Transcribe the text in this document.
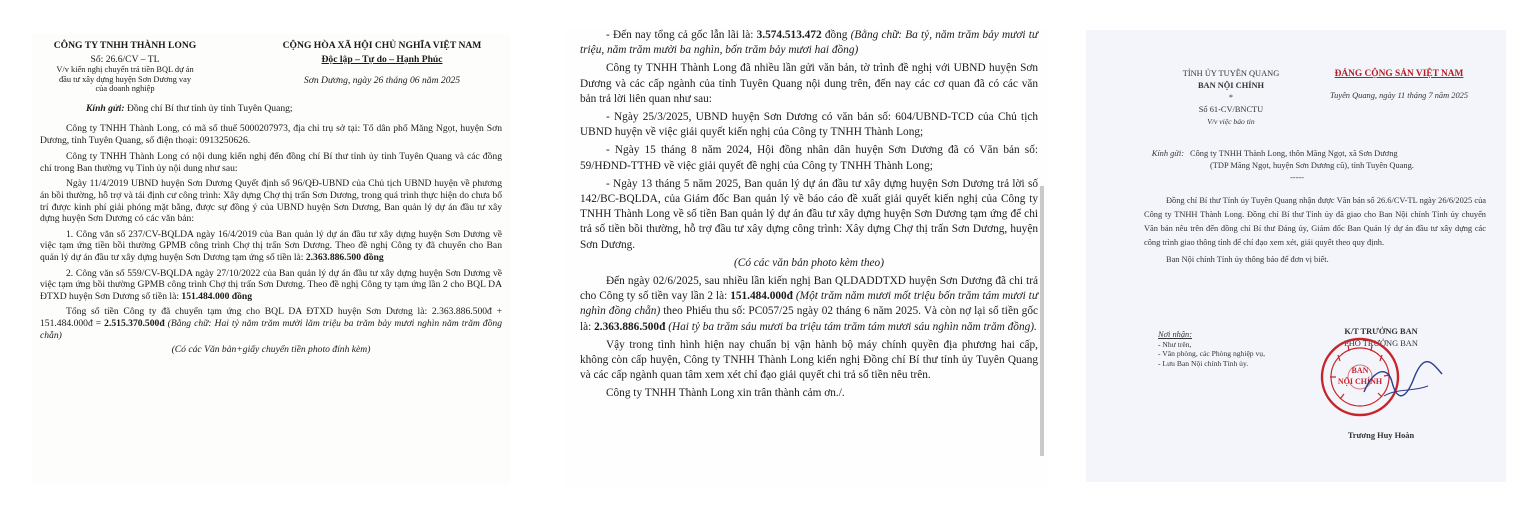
CÔNG TY TNHH THÀNH LONG
Số: 26.6/CV – TL
V/v kiến nghị chuyển trả tiền BQL dự án
đầu tư xây dựng huyện Sơn Dương vay
của doanh nghiệp
CỘNG HÒA XÃ HỘI CHỦ NGHĨA VIỆT NAM
Độc lập – Tự do – Hạnh Phúc
Sơn Dương, ngày 26 tháng 06 năm 2025
Kính gửi: Đồng chí Bí thư tỉnh ủy tỉnh Tuyên Quang;

Công ty TNHH Thành Long, có mã số thuế 5000207973, địa chỉ trụ sở tại: Tổ dân phố Măng Ngọt, huyện Sơn Dương, tỉnh Tuyên Quang, số điện thoại: 0913250626.

Công ty TNHH Thành Long có nội dung kiến nghị đến đồng chí Bí thư tỉnh ủy tỉnh Tuyên Quang và các đồng chí trong Ban thường vụ Tỉnh ủy nội dung như sau:

Ngày 11/4/2019 UBND huyện Sơn Dương Quyết định số 96/QĐ-UBND của Chủ tịch UBND huyện về phương án bồi thường, hỗ trợ và tái định cư công trình: Xây dựng Chợ thị trấn Sơn Dương, trong quá trình thực hiện do chưa bố trí được kinh phí giải phóng mặt bằng, được sự đồng ý của UBND huyện Sơn Dương, Ban quản lý dự án đầu tư xây dựng huyện Sơn Dương có các văn bản:

1. Công văn số 237/CV-BQLDA ngày 16/4/2019 của Ban quản lý dự án đầu tư xây dựng huyện Sơn Dương về việc tạm ứng tiền bồi thường GPMB công trình Chợ thị trấn Sơn Dương. Theo đề nghị Công ty đã chuyển cho Ban quản lý dự án đầu tư xây dựng huyện Sơn Dương tạm ứng số tiền là: 2.363.886.500 đồng

2. Công văn số 559/CV-BQLDA ngày 27/10/2022 của Ban quản lý dự án đầu tư xây dựng huyện Sơn Dương về việc tạm ứng bồi thường GPMB công trình Chợ thị trấn Sơn Dương. Theo đề nghị Công ty tạm ứng lần 2 cho BQL DA ĐTXD huyện Sơn Dương số tiền là: 151.484.000 đồng

Tổng số tiền Công ty đã chuyển tạm ứng cho BQL DA ĐTXD huyện Sơn Dương là: 2.363.886.500đ + 151.484.000đ = 2.515.370.500đ (Bằng chữ: Hai tỷ năm trăm mười lăm triệu ba trăm bảy mươi nghìn năm trăm đồng chẵn)

(Có các Văn bản+giấy chuyển tiền photo đính kèm)

- Đến nay tổng cả gốc lẫn lãi là: 3.574.513.472 đồng (Bằng chữ: Ba tỷ, năm trăm bảy mươi tư triệu, năm trăm mười ba nghìn, bốn trăm bảy mươi hai đồng)

Công ty TNHH Thành Long đã nhiều lần gửi văn bản, tờ trình đề nghị với UBND huyện Sơn Dương và các cấp ngành của tỉnh Tuyên Quang nội dung trên, đến nay các cơ quan đã có các văn bản trả lời liên quan như sau:

- Ngày 25/3/2025, UBND huyện Sơn Dương có văn bản số: 604/UBND-TCD của Chủ tịch UBND huyện về việc giải quyết kiến nghị của Công ty TNHH Thành Long;

- Ngày 15 tháng 8 năm 2024, Hội đồng nhân dân huyện Sơn Dương đã có Văn bản số: 59/HĐND-TTHĐ về việc giải quyết đề nghị của Công ty TNHH Thành Long;

- Ngày 13 tháng 5 năm 2025, Ban quản lý dự án đầu tư xây dựng huyện Sơn Dương trả lời số 142/BC-BQLDA, của Giám đốc Ban quản lý về báo cáo đề xuất giải quyết kiến nghị của Công ty TNHH Thành Long về số tiền Ban quản lý dự án đầu tư xây dựng huyện Sơn Dương tạm ứng để chi trả số tiền bồi thường, hỗ trợ đầu tư xây dựng công trình: Xây dựng Chợ thị trấn Sơn Dương, huyện Sơn Dương.

(Có các văn bản photo kèm theo)

Đến ngày 02/6/2025, sau nhiều lần kiến nghị Ban QLDADDTXD huyện Sơn Dương đã chi trả cho Công ty số tiền vay lần 2 là: 151.484.000đ (Một trăm năm mươi mốt triệu bốn trăm tám mươi tư nghìn đồng chẵn) theo Phiếu thu số: PC057/25 ngày 02 tháng 6 năm 2025. Và còn nợ lại số tiền gốc là: 2.363.886.500đ (Hai tỷ ba trăm sáu mươi ba triệu tám trăm tám mươi sáu nghìn năm trăm đồng).

Vậy trong tình hình hiện nay chuẩn bị vận hành bộ máy chính quyền địa phương hai cấp, không còn cấp huyện, Công ty TNHH Thành Long kiến nghị Đồng chí Bí thư tỉnh ủy Tuyên Quang và các cấp ngành quan tâm xem xét chỉ đạo giải quyết chi trả số tiền nêu trên.

Công ty TNHH Thành Long xin trân thành cảm ơn./.

TỈNH ỦY TUYÊN QUANG
BAN NỘI CHÍNH
*
Số 61-CV/BNCTU
V/v việc báo tin
ĐẢNG CỘNG SẢN VIỆT NAM
Tuyên Quang, ngày 11 tháng 7 năm 2025
Kính gửi: Công ty TNHH Thành Long, thôn Măng Ngọt, xã Sơn Dương
(TDP Măng Ngọt, huyện Sơn Dương cũ), tỉnh Tuyên Quang.
-----

Đồng chí Bí thư Tỉnh ủy Tuyên Quang nhận được Văn bản số 26.6/CV-TL ngày 26/6/2025 của Công ty TNHH Thành Long. Đồng chí Bí thư Tỉnh ủy đã giao cho Ban Nội chính Tỉnh ủy chuyển Văn bản nêu trên đến đồng chí Bí thư Đảng ủy, Giám đốc Ban Quản lý dự án đầu tư xây dựng các công trình giao thông tỉnh để chỉ đạo xem xét, giải quyết theo quy định.

Ban Nội chính Tỉnh ủy thông báo để đơn vị biết.

Nơi nhận:
- Như trên,
- Văn phòng, các Phòng nghiệp vụ,
- Lưu Ban Nội chính Tỉnh ủy.
K/T TRƯỞNG BAN
PHÓ TRƯỞNG BAN
Trương Huy Hoàn
BAN
NỘI CHÍNH
